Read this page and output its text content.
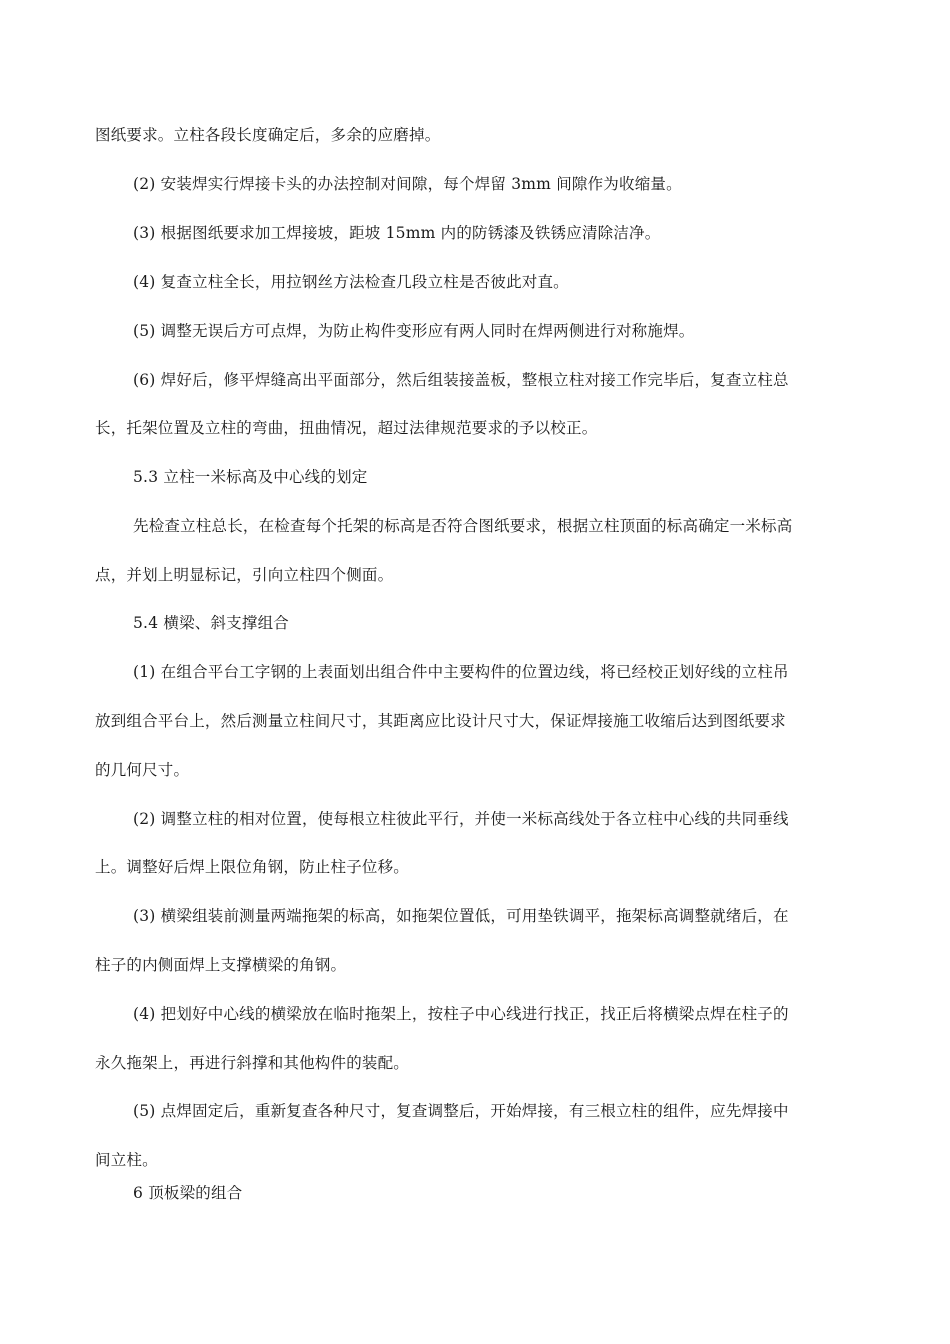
图纸要求。立柱各段长度确定后，多余的应磨掉。
(2) 安装焊实行焊接卡头的办法控制对间隙，每个焊留 3mm 间隙作为收缩量。
(3) 根据图纸要求加工焊接坡，距坡 15mm 内的防锈漆及铁锈应清除洁净。
(4) 复查立柱全长，用拉钢丝方法检查几段立柱是否彼此对直。
(5) 调整无误后方可点焊，为防止构件变形应有两人同时在焊两侧进行对称施焊。
(6) 焊好后，修平焊缝高出平面部分，然后组装接盖板，整根立柱对接工作完毕后，复查立柱总
长，托架位置及立柱的弯曲，扭曲情况，超过法律规范要求的予以校正。
5.3 立柱一米标高及中心线的划定
先检查立柱总长，在检查每个托架的标高是否符合图纸要求，根据立柱顶面的标高确定一米标高
点，并划上明显标记，引向立柱四个侧面。
5.4 横梁、斜支撑组合
(1) 在组合平台工字钢的上表面划出组合件中主要构件的位置边线，将已经校正划好线的立柱吊
放到组合平台上，然后测量立柱间尺寸，其距离应比设计尺寸大，保证焊接施工收缩后达到图纸要求
的几何尺寸。
(2) 调整立柱的相对位置，使每根立柱彼此平行，并使一米标高线处于各立柱中心线的共同垂线
上。调整好后焊上限位角钢，防止柱子位移。
(3) 横梁组装前测量两端拖架的标高，如拖架位置低，可用垫铁调平，拖架标高调整就绪后，在
柱子的内侧面焊上支撑横梁的角钢。
(4) 把划好中心线的横梁放在临时拖架上，按柱子中心线进行找正，找正后将横梁点焊在柱子的
永久拖架上，再进行斜撑和其他构件的装配。
(5) 点焊固定后，重新复查各种尺寸，复查调整后，开始焊接，有三根立柱的组件，应先焊接中
间立柱。
6 顶板梁的组合
